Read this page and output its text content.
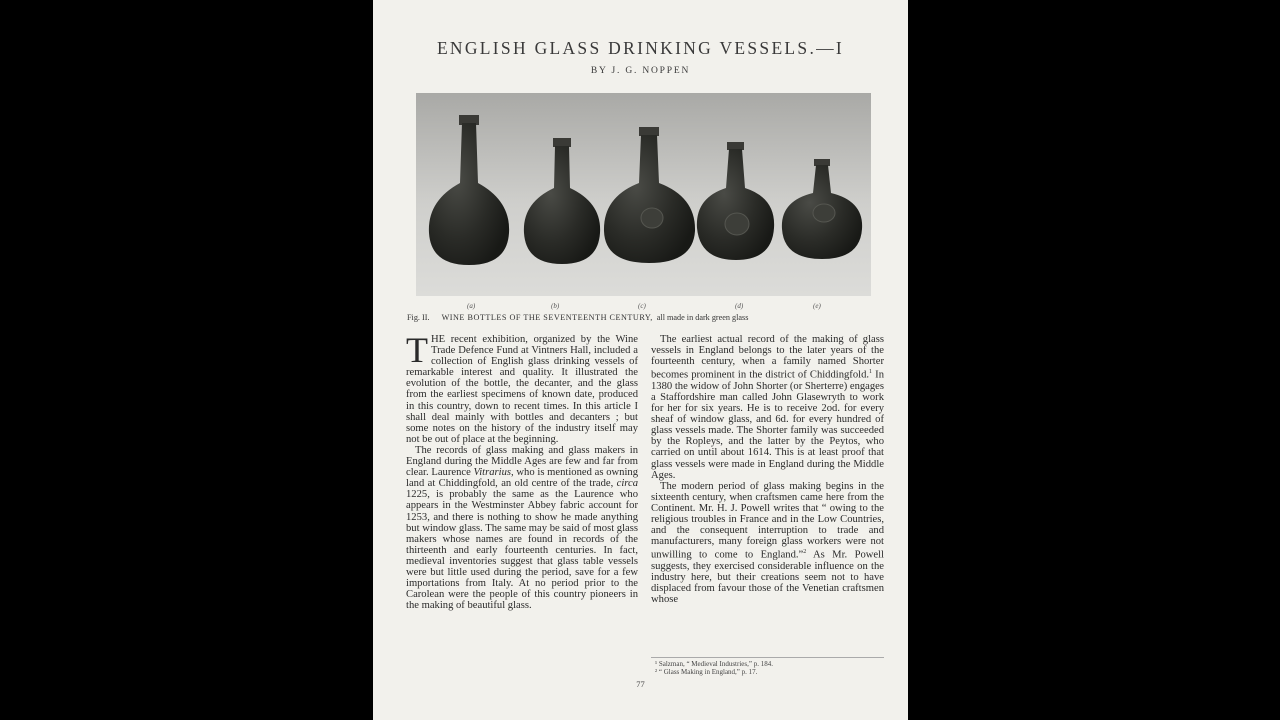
ENGLISH GLASS DRINKING VESSELS.—I
BY J. G. NOPPEN
(a)	(b)	(c)	(d)	(e)
Fig. II. WINE BOTTLES OF THE SEVENTEENTH CENTURY, all made in dark green glass

THE recent exhibition, organized by the Wine Trade Defence Fund at Vintners Hall, included a collection of English glass drinking vessels of remarkable interest and quality. It illustrated the evolution of the bottle, the decanter, and the glass from the earliest specimens of known date, produced in this country, down to recent times. In this article I shall deal mainly with bottles and decanters ; but some notes on the history of the industry itself may not be out of place at the beginning.

The records of glass making and glass makers in England during the Middle Ages are few and far from clear. Laurence Vitrarius, who is mentioned as owning land at Chiddingfold, an old centre of the trade, circa 1225, is probably the same as the Laurence who appears in the Westminster Abbey fabric account for 1253, and there is nothing to show he made anything but window glass. The same may be said of most glass makers whose names are found in records of the thirteenth and early fourteenth centuries. In fact, medieval inventories suggest that glass table vessels were but little used during the period, save for a few importations from Italy. At no period prior to the Carolean were the people of this country pioneers in the making of beautiful glass.

The earliest actual record of the making of glass vessels in England belongs to the later years of the fourteenth century, when a family named Shorter becomes prominent in the district of Chiddingfold.$^1$ In 1380 the widow of John Shorter (or Sherterre) engages a Staffordshire man called John Glasewryth to work for her for six years. He is to receive 2od. for every sheaf of window glass, and 6d. for every hundred of glass vessels made. The Shorter family was succeeded by the Ropleys, and the latter by the Peytos, who carried on until about 1614. This is at least proof that glass vessels were made in England during the Middle Ages.

The modern period of glass making begins in the sixteenth century, when craftsmen came here from the Continent. Mr. H. J. Powell writes that “ owing to the religious troubles in France and in the Low Countries, and the consequent interruption to trade and manufacturers, many foreign glass workers were not unwilling to come to England.”$^2$ As Mr. Powell suggests, they exercised considerable influence on the industry here, but their creations seem not to have displaced from favour those of the Venetian craftsmen whose

¹ Salzman, “ Medieval Industries,” p. 184.
² “ Glass Making in England,” p. 17.
77
